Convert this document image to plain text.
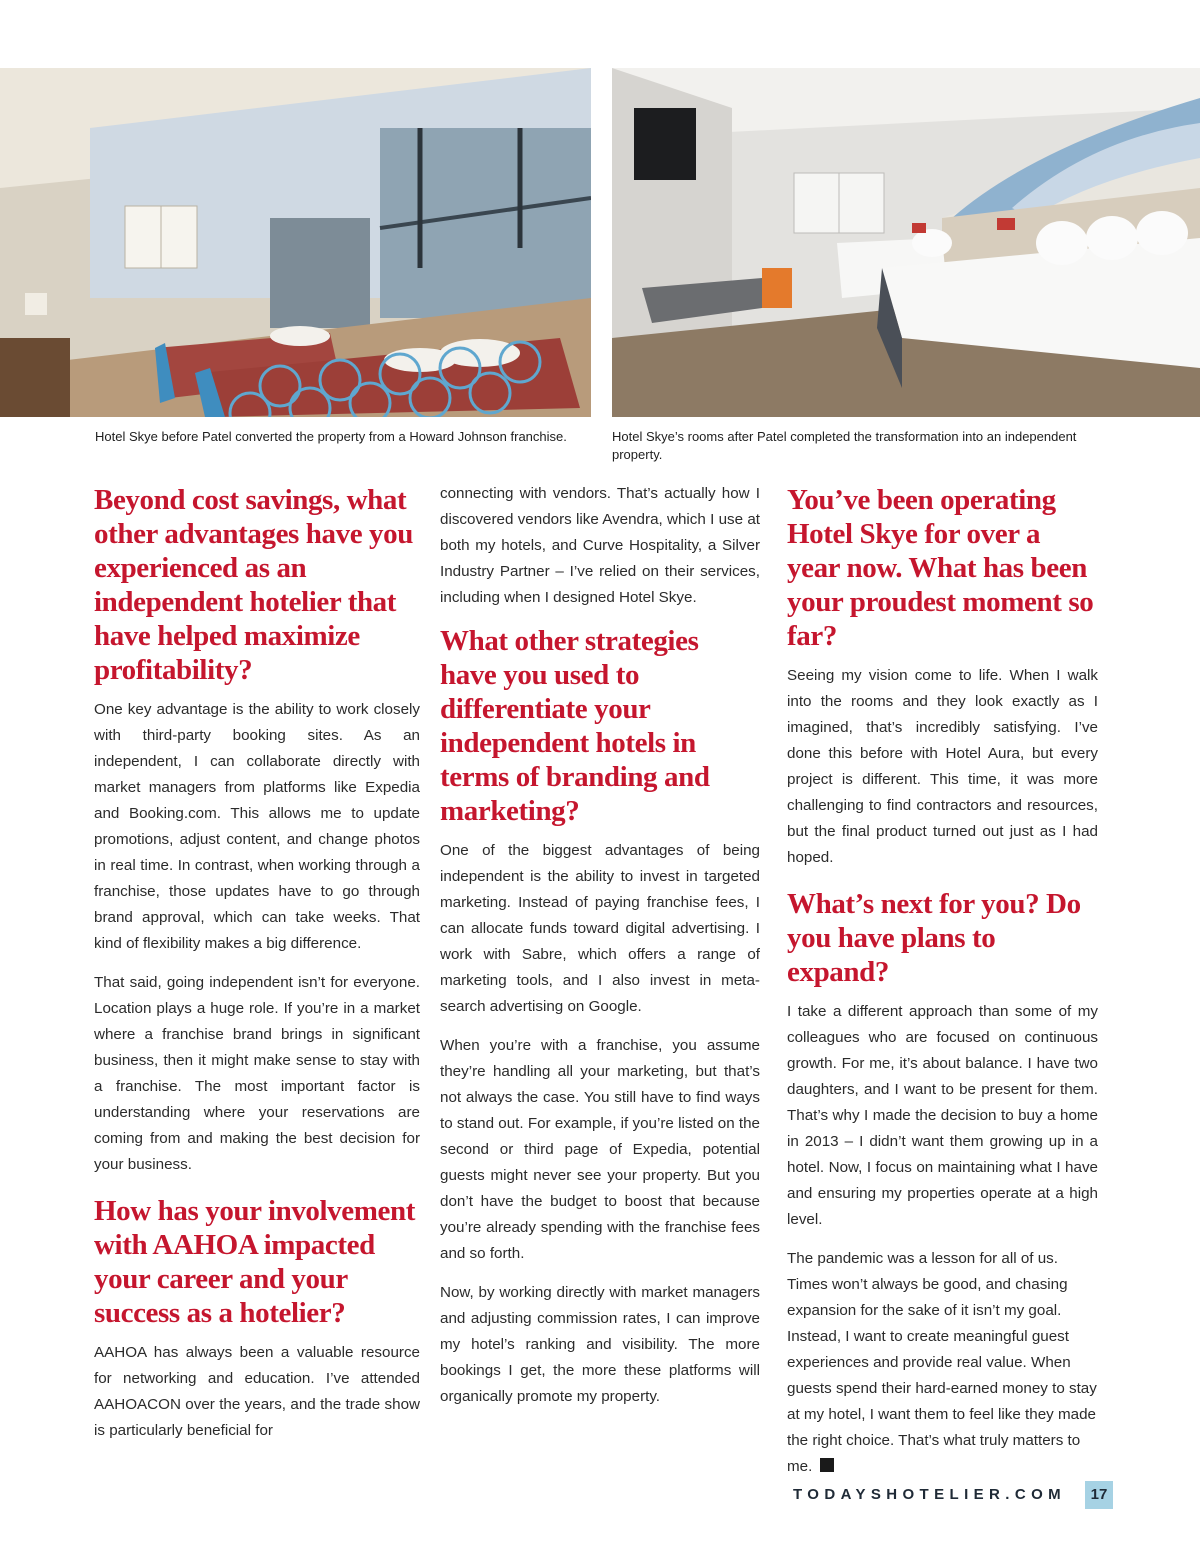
Hotel Skye before Patel converted the property from a Howard Johnson franchise.	Hotel Skye’s rooms after Patel completed the transformation into an independent property.
Beyond cost savings, what other advantages have you experienced as an independent hotelier that have helped maximize profitability?

One key advantage is the ability to work closely with third-party booking sites. As an independent, I can collaborate directly with market managers from platforms like Expedia and Booking.com. This allows me to update promotions, adjust content, and change photos in real time. In contrast, when working through a franchise, those updates have to go through brand approval, which can take weeks. That kind of flexibility makes a big difference.

That said, going independent isn’t for everyone. Location plays a huge role. If you’re in a market where a franchise brand brings in significant business, then it might make sense to stay with a franchise. The most important factor is understanding where your reservations are coming from and making the best decision for your business.

How has your involvement with AAHOA impacted your career and your success as a hotelier?

AAHOA has always been a valuable resource for networking and education. I’ve attended AAHOACON over the years, and the trade show is particularly beneficial for

connecting with vendors. That’s actually how I discovered vendors like Avendra, which I use at both my hotels, and Curve Hospitality, a Silver Industry Partner – I’ve relied on their services, including when I designed Hotel Skye.

What other strategies have you used to differentiate your independent hotels in terms of branding and marketing?

One of the biggest advantages of being independent is the ability to invest in targeted marketing. Instead of paying franchise fees, I can allocate funds toward digital advertising. I work with Sabre, which offers a range of marketing tools, and I also invest in meta-search advertising on Google.

When you’re with a franchise, you assume they’re handling all your marketing, but that’s not always the case. You still have to find ways to stand out. For example, if you’re listed on the second or third page of Expedia, potential guests might never see your property. But you don’t have the budget to boost that because you’re already spending with the franchise fees and so forth.

Now, by working directly with market managers and adjusting commission rates, I can improve my hotel’s ranking and visibility. The more bookings I get, the more these platforms will organically promote my property.

You’ve been operating Hotel Skye for over a year now. What has been your proudest moment so far?

Seeing my vision come to life. When I walk into the rooms and they look exactly as I imagined, that’s incredibly satisfying. I’ve done this before with Hotel Aura, but every project is different. This time, it was more challenging to find contractors and resources, but the final product turned out just as I had hoped.

What’s next for you? Do you have plans to expand?

I take a different approach than some of my colleagues who are focused on continuous growth. For me, it’s about balance. I have two daughters, and I want to be present for them. That’s why I made the decision to buy a home in 2013 – I didn’t want them growing up in a hotel. Now, I focus on maintaining what I have and ensuring my properties operate at a high level.

The pandemic was a lesson for all of us. Times won’t always be good, and chasing expansion for the sake of it isn’t my goal. Instead, I want to create meaningful guest experiences and provide real value. When guests spend their hard-earned money to stay at my hotel, I want them to feel like they made the right choice. That’s what truly matters to me.

TODAYSHOTELIER.COM	17
